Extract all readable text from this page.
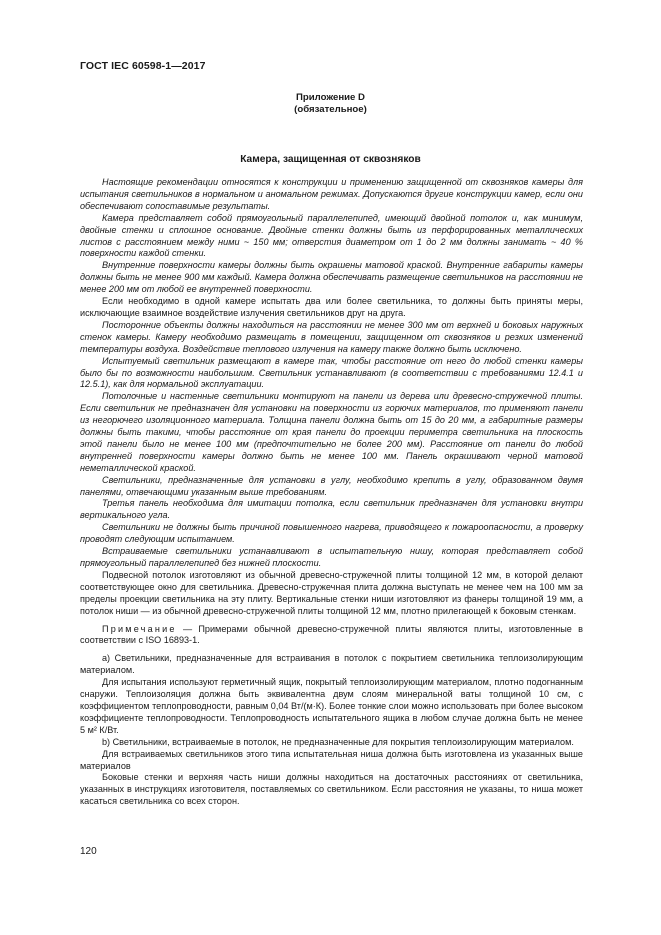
ГОСТ IEC 60598-1—2017
Приложение D
(обязательное)
Камера, защищенная от сквозняков

Настоящие рекомендации относятся к конструкции и применению защищенной от сквозняков камеры для испытания светильников в нормальном и аномальном режимах. Допускаются другие конструкции камер, если они обеспечивают сопоставимые результаты.

Камера представляет собой прямоугольный параллелепипед, имеющий двойной потолок и, как минимум, двойные стенки и сплошное основание. Двойные стенки должны быть из перфорированных металлических листов с расстоянием между ними ~ 150 мм; отверстия диаметром от 1 до 2 мм должны занимать ~ 40 % поверхности каждой стенки.

Внутренние поверхности камеры должны быть окрашены матовой краской. Внутренние габариты камеры должны быть не менее 900 мм каждый. Камера должна обеспечивать размещение светильников на расстоянии не менее 200 мм от любой ее внутренней поверхности.

Если необходимо в одной камере испытать два или более светильника, то должны быть приняты меры, исключающие взаимное воздействие излучения светильников друг на друга.

Посторонние объекты должны находиться на расстоянии не менее 300 мм от верхней и боковых наружных стенок камеры. Камеру необходимо размещать в помещении, защищенном от сквозняков и резких изменений температуры воздуха. Воздействие теплового излучения на камеру также должно быть исключено.

Испытуемый светильник размещают в камере так, чтобы расстояние от него до любой стенки камеры было бы по возможности наибольшим. Светильник устанавливают (в соответствии с требованиями 12.4.1 и 12.5.1), как для нормальной эксплуатации.

Потолочные и настенные светильники монтируют на панели из дерева или древесно-стружечной плиты. Если светильник не предназначен для установки на поверхности из горючих материалов, то применяют панели из негорючего изоляционного материала. Толщина панели должна быть от 15 до 20 мм, а габаритные размеры должны быть такими, чтобы расстояние от края панели до проекции периметра светильника на плоскость этой панели было не менее 100 мм (предпочтительно не более 200 мм). Расстояние от панели до любой внутренней поверхности камеры должно быть не менее 100 мм. Панель окрашивают черной матовой неметаллической краской.

Светильники, предназначенные для установки в углу, необходимо крепить в углу, образованном двумя панелями, отвечающими указанным выше требованиям.

Третья панель необходима для имитации потолка, если светильник предназначен для установки внутри вертикального угла.

Светильники не должны быть причиной повышенного нагрева, приводящего к пожароопасности, а проверку проводят следующим испытанием.

Встраиваемые светильники устанавливают в испытательную нишу, которая представляет собой прямоугольный параллелепипед без нижней плоскости.

Подвесной потолок изготовляют из обычной древесно-стружечной плиты толщиной 12 мм, в которой делают соответствующее окно для светильника. Древесно-стружечная плита должна выступать не менее чем на 100 мм за пределы проекции светильника на эту плиту. Вертикальные стенки ниши изготовляют из фанеры толщиной 19 мм, а потолок ниши — из обычной древесно-стружечной плиты толщиной 12 мм, плотно прилегающей к боковым стенкам.

Примечание — Примерами обычной древесно-стружечной плиты являются плиты, изготовленные в соответствии с ISO 16893-1.

a) Светильники, предназначенные для встраивания в потолок с покрытием светильника теплоизолирующим материалом.

Для испытания используют герметичный ящик, покрытый теплоизолирующим материалом, плотно подогнанным снаружи. Теплоизоляция должна быть эквивалентна двум слоям минеральной ваты толщиной 10 см, с коэффициентом теплопроводности, равным 0,04 Вт/(м·К). Более тонкие слои можно использовать при более высоком коэффициенте теплопроводности. Теплопроводность испытательного ящика в любом случае должна быть не менее 5 м² К/Вт.

b) Светильники, встраиваемые в потолок, не предназначенные для покрытия теплоизолирующим материалом.

Для встраиваемых светильников этого типа испытательная ниша должна быть изготовлена из указанных выше материалов

Боковые стенки и верхняя часть ниши должны находиться на достаточных расстояниях от светильника, указанных в инструкциях изготовителя, поставляемых со светильником. Если расстояния не указаны, то ниша может касаться светильника со всех сторон.

120
